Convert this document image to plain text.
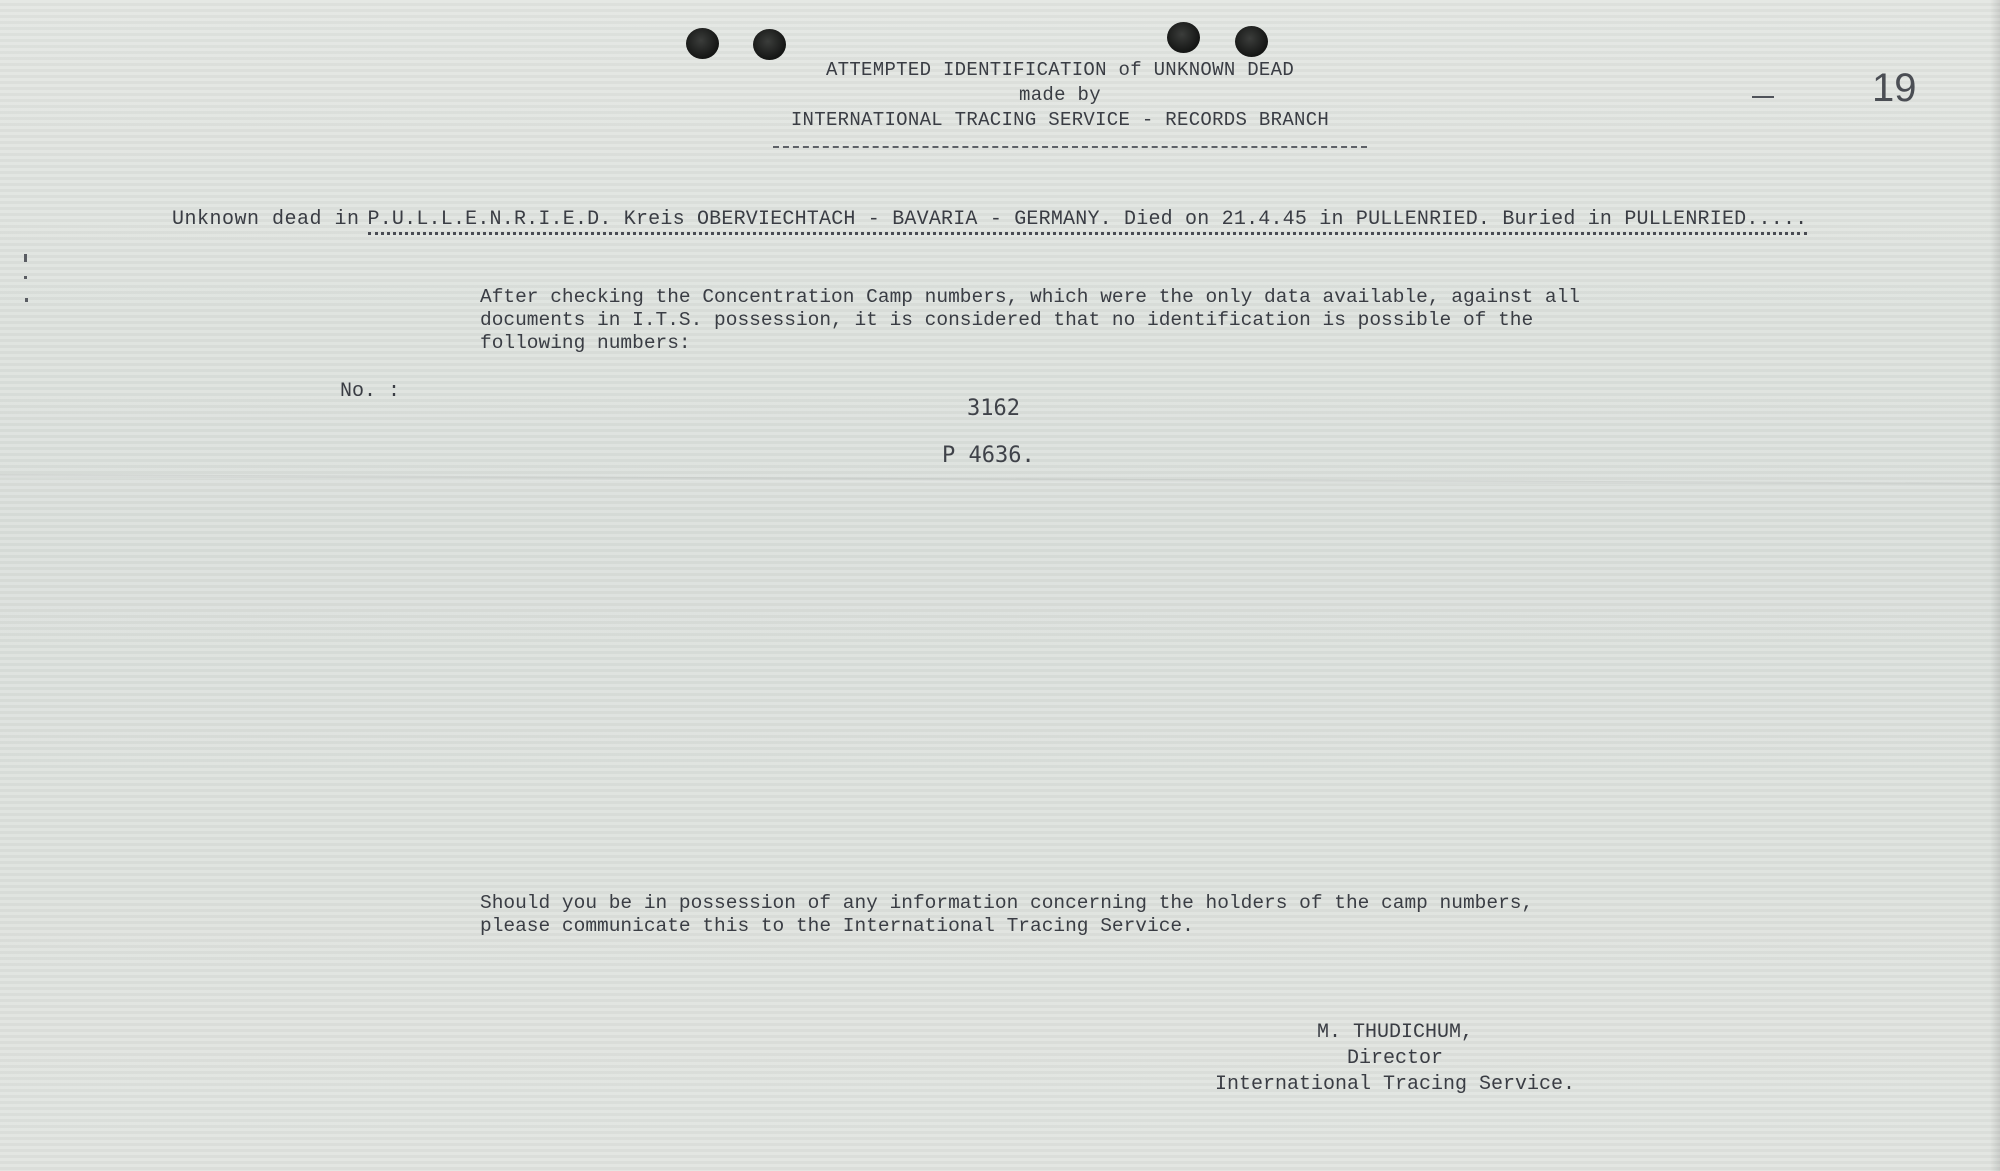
19
ATTEMPTED IDENTIFICATION of UNKNOWN DEAD
made by
INTERNATIONAL TRACING SERVICE - RECORDS BRANCH
Unknown dead in P.U.L.L.E.N.R.I.E.D. Kreis OBERVIECHTACH - BAVARIA - GERMANY. Died on 21.4.45 in PULLENRIED. Buried in PULLENRIED.....
After checking the Concentration Camp numbers, which were the only data available, against all
documents in I.T.S. possession, it is considered that no identification is possible of the
following numbers:
No. :
3162
P 4636.
Should you be in possession of any information concerning the holders of the camp numbers,
please communicate this to the International Tracing Service.
M. THUDICHUM,
Director
International Tracing Service.
